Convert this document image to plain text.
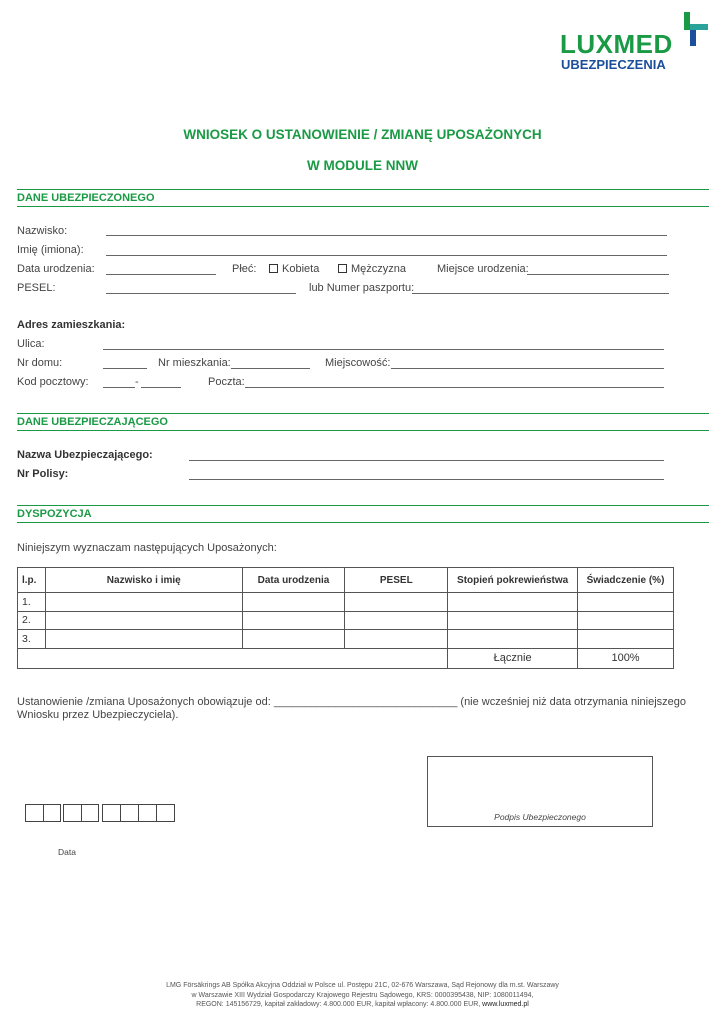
LUXMED
UBEZPIECZENIA
WNIOSEK O USTANOWIENIE / ZMIANĘ UPOSAŻONYCH
W MODULE NNW
DANE UBEZPIECZONEGO
Nazwisko:
Imię (imiona):
Data urodzenia:	Płeć:	Kobieta	Mężczyzna	Miejsce urodzenia:
PESEL:	lub Numer paszportu:
Adres zamieszkania:
Ulica:
Nr domu:	Nr mieszkania:	Miejscowość:
Kod pocztowy:	-	Poczta:
DANE UBEZPIECZAJĄCEGO
Nazwa Ubezpieczającego:
Nr Polisy:
DYSPOZYCJA
Niniejszym wyznaczam następujących Uposażonych:
l.p.	Nazwisko i imię	Data urodzenia	PESEL	Stopień pokrewieństwa	Świadczenie (%)
1.					
2.					
3.					
				Łącznie	100%
Ustanowienie /zmiana Uposażonych obowiązuje od: ______________________________ (nie wcześniej niż data otrzymania niniejszego Wniosku przez Ubezpieczyciela).
Data
Podpis Ubezpieczonego
LMG Försäkrings AB Spółka Akcyjna Oddział w Polsce ul. Postępu 21C, 02-676 Warszawa, Sąd Rejonowy dla m.st. Warszawy
w Warszawie XIII Wydział Gospodarczy Krajowego Rejestru Sądowego, KRS: 0000395438, NIP: 1080011494,
REGON: 145156729, kapitał zakładowy: 4.800.000 EUR, kapitał wpłacony: 4.800.000 EUR, www.luxmed.pl
